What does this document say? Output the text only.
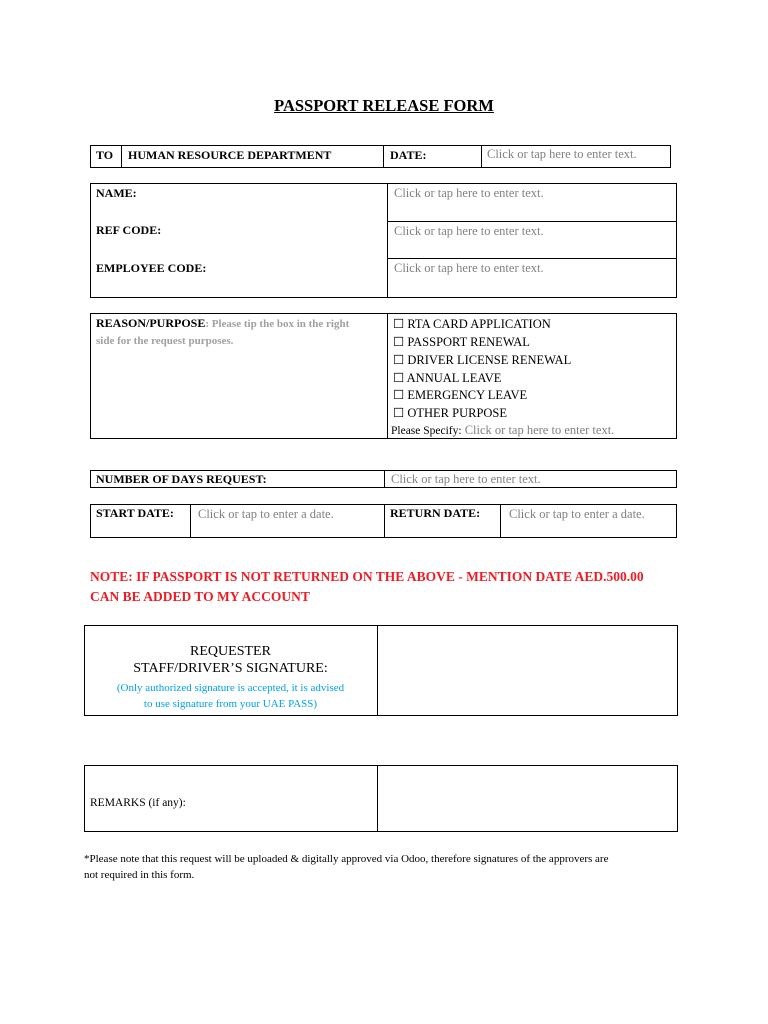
PASSPORT RELEASE FORM
TO HUMAN RESOURCE DEPARTMENT	DATE:	Click or tap here to enter text.
NAME:	Click or tap here to enter text.
REF CODE:	Click or tap here to enter text.
EMPLOYEE CODE:	Click or tap here to enter text.
REASON/PURPOSE: Please tip the box in the right
side for the request purposes.
☐ RTA CARD APPLICATION
☐ PASSPORT RENEWAL
☐ DRIVER LICENSE RENEWAL
☐ ANNUAL LEAVE
☐ EMERGENCY LEAVE
☐ OTHER PURPOSE
Please Specify: Click or tap here to enter text.
NUMBER OF DAYS REQUEST:	Click or tap here to enter text.
START DATE: Click or tap to enter a date.	RETURN DATE: Click or tap to enter a date.
NOTE: IF PASSPORT IS NOT RETURNED ON THE ABOVE - MENTION DATE AED.500.00
CAN BE ADDED TO MY ACCOUNT
REQUESTER
STAFF/DRIVER’S SIGNATURE:
(Only authorized signature is accepted, it is advised
to use signature from your UAE PASS)
REMARKS (if any):
*Please note that this request will be uploaded & digitally approved via Odoo, therefore signatures of the approvers are
not required in this form.
